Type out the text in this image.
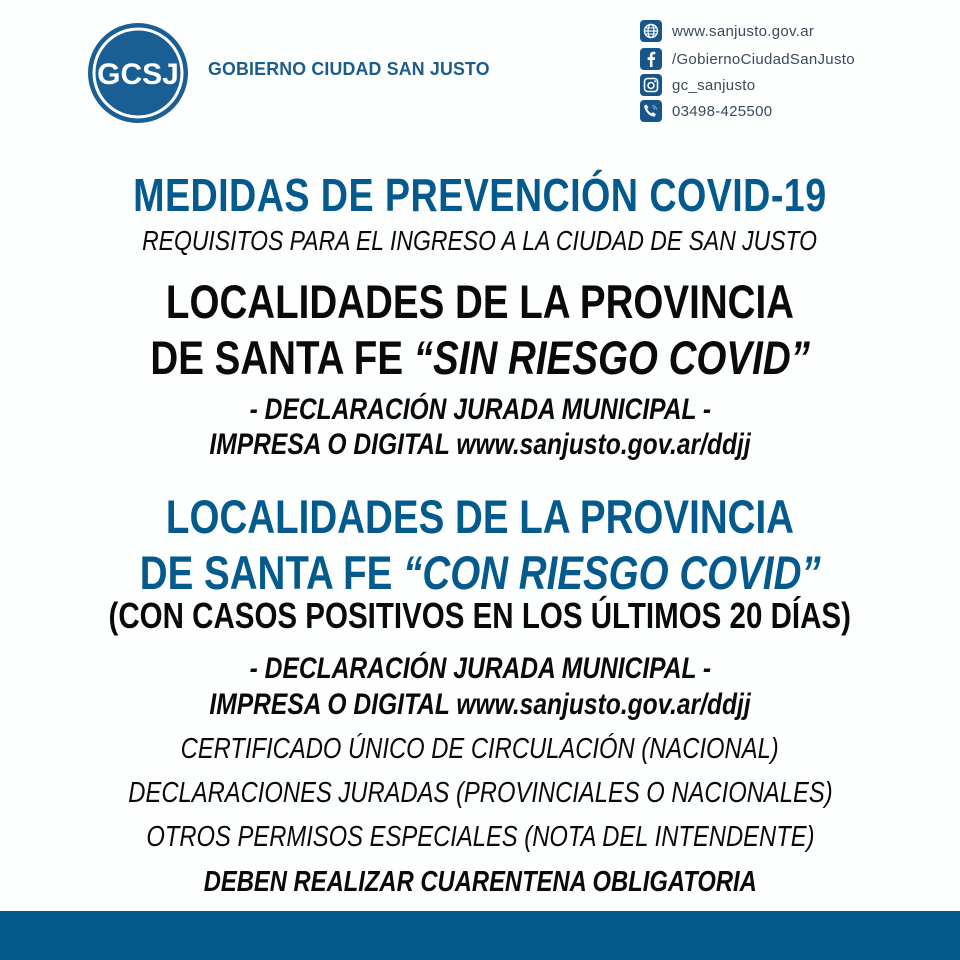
GCSJ GOBIERNO CIUDAD SAN JUSTO
www.sanjusto.gov.ar
/GobiernoCiudadSanJusto
gc_sanjusto
03498-425500
MEDIDAS DE PREVENCIÓN COVID-19
REQUISITOS PARA EL INGRESO A LA CIUDAD DE SAN JUSTO
LOCALIDADES DE LA PROVINCIA
DE SANTA FE “SIN RIESGO COVID”
- DECLARACIÓN JURADA MUNICIPAL -
IMPRESA O DIGITAL www.sanjusto.gov.ar/ddjj
LOCALIDADES DE LA PROVINCIA
DE SANTA FE “CON RIESGO COVID”
(CON CASOS POSITIVOS EN LOS ÚLTIMOS 20 DÍAS)
- DECLARACIÓN JURADA MUNICIPAL -
IMPRESA O DIGITAL www.sanjusto.gov.ar/ddjj
CERTIFICADO ÚNICO DE CIRCULACIÓN (NACIONAL)
DECLARACIONES JURADAS (PROVINCIALES O NACIONALES)
OTROS PERMISOS ESPECIALES (NOTA DEL INTENDENTE)
DEBEN REALIZAR CUARENTENA OBLIGATORIA
